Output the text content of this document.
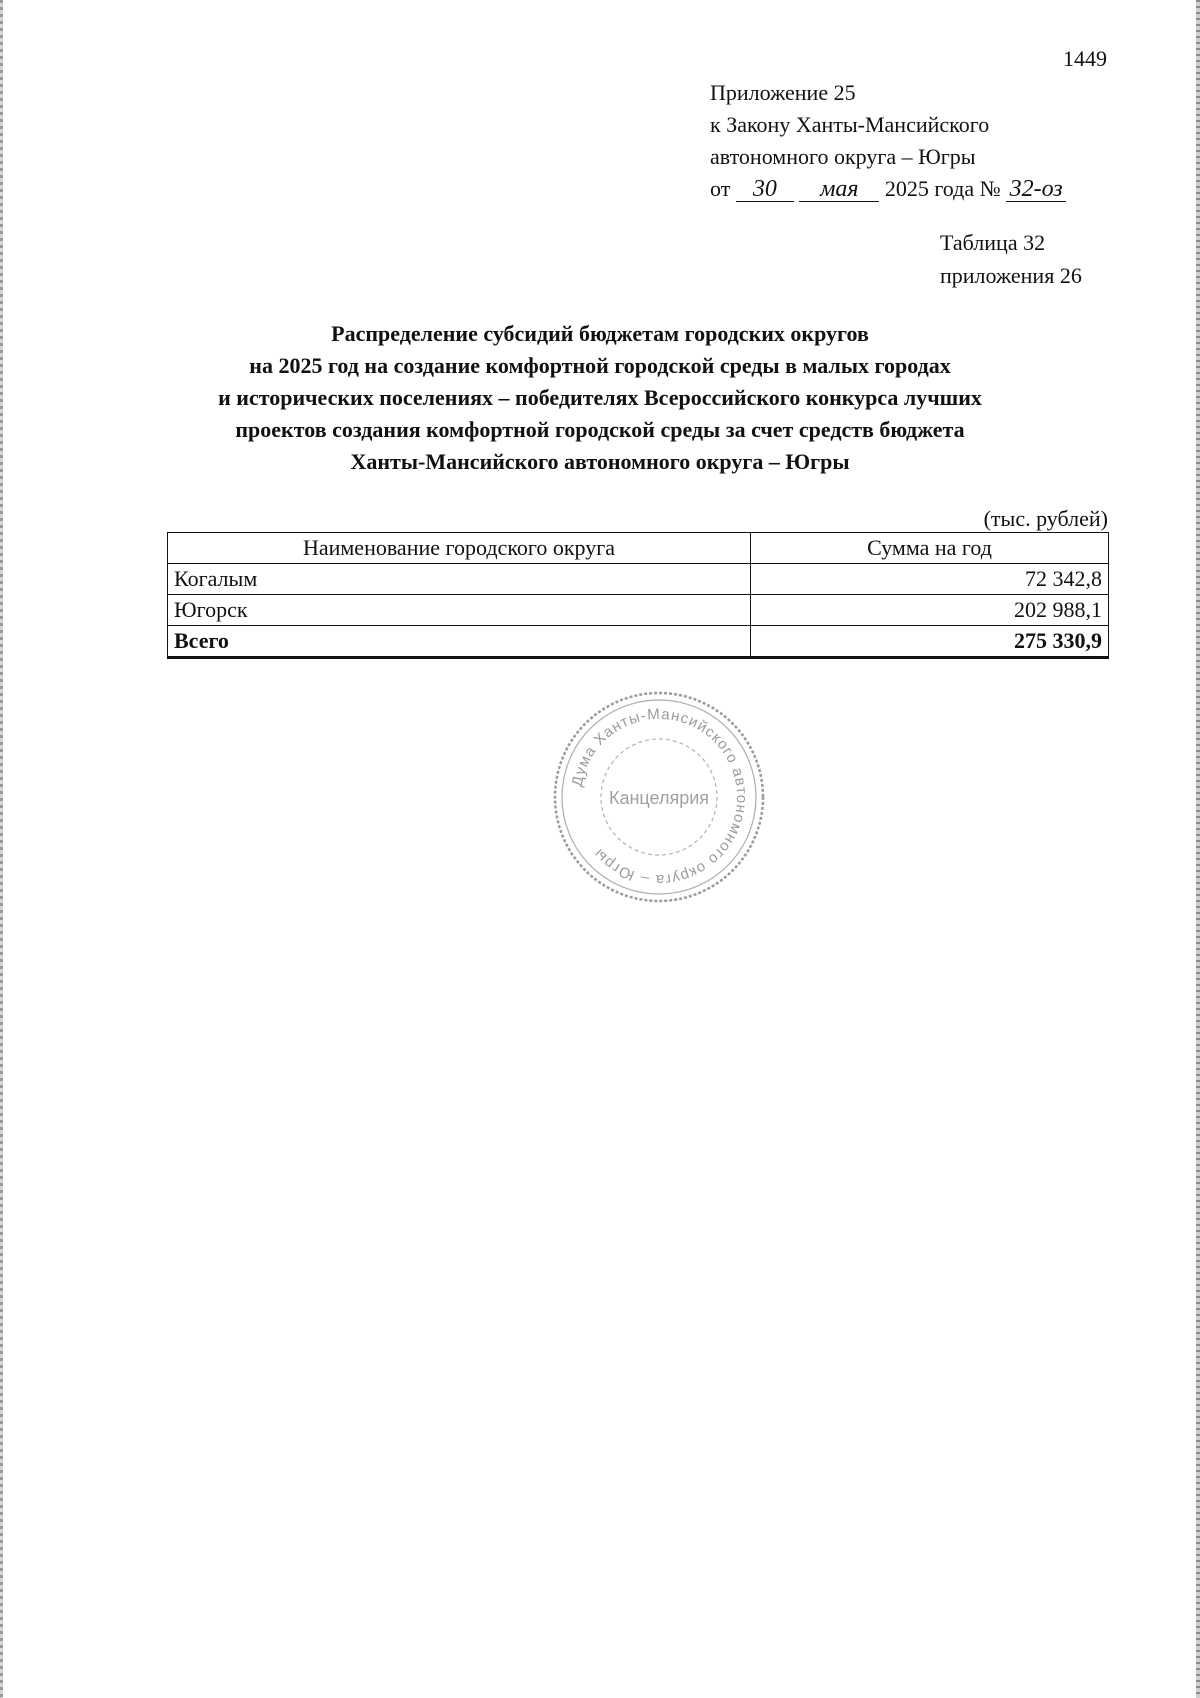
1449
Приложение 25
к Закону Ханты-Мансийского
автономного округа – Югры
от 30 мая 2025 года № 32-оз
Таблица 32
приложения 26
Распределение субсидий бюджетам городских округов
на 2025 год на создание комфортной городской среды в малых городах
и исторических поселениях – победителях Всероссийского конкурса лучших
проектов создания комфортной городской среды за счет средств бюджета
Ханты-Мансийского автономного округа – Югры
(тыс. рублей)
Наименование городского округа	Сумма на год
Когалым	72 342,8
Югорск	202 988,1
Всего	275 330,9
Дума Ханты-Мансийского автономного округа – Югры
Канцелярия
